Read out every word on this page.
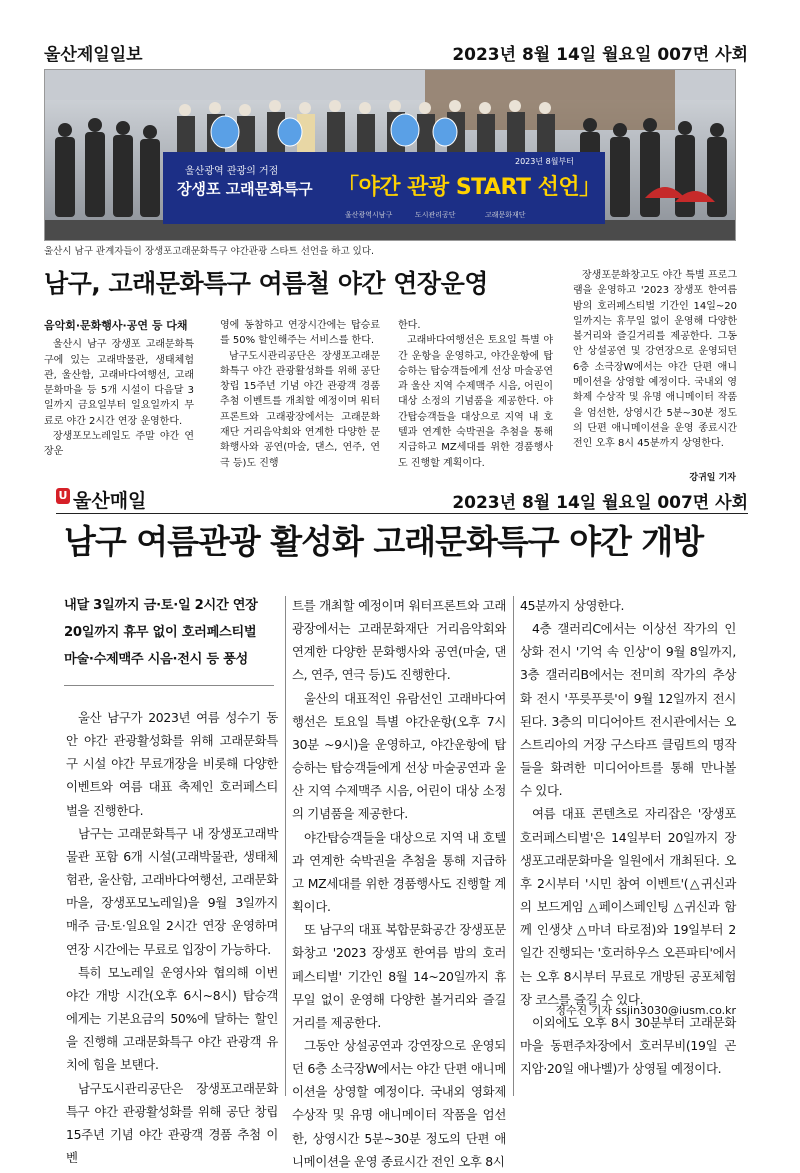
울산제일일보	2023년 8월 14일 월요일 007면 사회
울산광역 관광의 거점
장생포 고래문화특구 「야간 관광 START 선언」
2023년 8월부터
울산광역시남구	도시관리공단	고래문화재단
울산시 남구 관계자들이 장생포고래문화특구 야간관광 스타트 선언을 하고 있다.
남구, 고래문화특구 여름철 야간 연장운영

음악회·문화행사·공연 등 다채

울산시 남구 장생포 고래문화특구에 있는 고래박물관, 생태체험관, 울산함, 고래바다여행선, 고래문화마을 등 5개 시설이 다음달 3일까지 금요일부터 일요일까지 무료로 야간 2시간 연장 운영한다.

장생포모노레일도 주말 야간 연장운

영에 동참하고 연장시간에는 탑승료를 50% 할인해주는 서비스를 한다.

남구도시관리공단은 장생포고래문화특구 야간 관광활성화를 위해 공단 창립 15주년 기념 야간 관광객 경품 추첨 이벤트를 개최할 예정이며 워터프론트와 고래광장에서는 고래문화재단 거리음악회와 연계한 다양한 문화행사와 공연(마술, 댄스, 연주, 연극 등)도 진행

한다.

고래바다여행선은 토요일 특별 야간 운항을 운영하고, 야간운항에 탑승하는 탑승객들에게 선상 마술공연과 울산 지역 수제맥주 시음, 어린이 대상 소정의 기념품을 제공한다. 야간탑승객들을 대상으로 지역 내 호텔과 연계한 숙박권을 추첨을 통해 지급하고 MZ세대를 위한 경품행사도 진행할 계획이다.

장생포문화창고도 야간 특별 프로그램을 운영하고 '2023 장생포 한여름 밤의 호러페스티벌 기간인 14일~20일까지는 휴무일 없이 운영해 다양한 볼거리와 즐길거리를 제공한다. 그동안 상설공연 및 강연장으로 운영되던 6층 소극장W에서는 야간 단편 애니메이션을 상영할 예정이다. 국내외 영화제 수상작 및 유명 애니메이터 작품을 엄선한, 상영시간 5분~30분 정도의 단편 애니메이션을 운영 종료시간 전인 오후 8시 45분까지 상영한다.

강귀일 기자
U 울산매일	2023년 8월 14일 월요일 007면 사회
남구 여름관광 활성화 고래문화특구 야간 개방
내달 3일까지 금·토·일 2시간 연장
20일까지 휴무 없이 호러페스티벌
마술·수제맥주 시음·전시 등 풍성

울산 남구가 2023년 여름 성수기 동안 야간 관광활성화를 위해 고래문화특구 시설 야간 무료개장을 비롯해 다양한 이벤트와 여름 대표 축제인 호러페스티벌을 진행한다.

남구는 고래문화특구 내 장생포고래박물관 포함 6개 시설(고래박물관, 생태체험관, 울산함, 고래바다여행선, 고래문화마을, 장생포모노레일)을 9월 3일까지 매주 금·토·일요일 2시간 연장 운영하며 연장 시간에는 무료로 입장이 가능하다.

특히 모노레일 운영사와 협의해 이번 야간 개방 시간(오후 6시~8시) 탑승객에게는 기본요금의 50%에 달하는 할인을 진행해 고래문화특구 야간 관광객 유치에 힘을 보탠다.

남구도시관리공단은 장생포고래문화특구 야간 관광활성화를 위해 공단 창립 15주년 기념 야간 관광객 경품 추첨 이벤

트를 개최할 예정이며 워터프론트와 고래광장에서는 고래문화재단 거리음악회와 연계한 다양한 문화행사와 공연(마술, 댄스, 연주, 연극 등)도 진행한다.

울산의 대표적인 유람선인 고래바다여행선은 토요일 특별 야간운항(오후 7시 30분 ~9시)을 운영하고, 야간운항에 탑승하는 탑승객들에게 선상 마술공연과 울산 지역 수제맥주 시음, 어린이 대상 소정의 기념품을 제공한다.

야간탑승객들을 대상으로 지역 내 호텔과 연계한 숙박권을 추첨을 통해 지급하고 MZ세대를 위한 경품행사도 진행할 계획이다.

또 남구의 대표 복합문화공간 장생포문화창고 '2023 장생포 한여름 밤의 호러페스티벌' 기간인 8월 14~20일까지 휴무일 없이 운영해 다양한 볼거리와 즐길거리를 제공한다.

그동안 상설공연과 강연장으로 운영되던 6층 소극장W에서는 야간 단편 애니메이션을 상영할 예정이다. 국내외 영화제 수상작 및 유명 애니메이터 작품을 엄선한, 상영시간 5분~30분 정도의 단편 애니메이션을 운영 종료시간 전인 오후 8시

45분까지 상영한다.

4층 갤러리C에서는 이상선 작가의 인상화 전시 '기억 속 인상'이 9월 8일까지, 3층 갤러리B에서는 전미희 작가의 추상화 전시 '푸릇푸릇'이 9월 12일까지 전시된다. 3층의 미디어아트 전시관에서는 오스트리아의 거장 구스타프 클림트의 명작들을 화려한 미디어아트를 통해 만나볼 수 있다.

여름 대표 콘텐츠로 자리잡은 '장생포 호러페스티벌'은 14일부터 20일까지 장생포고래문화마을 일원에서 개최된다. 오후 2시부터 '시민 참여 이벤트'(△귀신과의 보드게임 △페이스페인팅 △귀신과 함께 인생샷 △마녀 타로점)와 19일부터 2일간 진행되는 '호러하우스 오픈파티'에서는 오후 8시부터 무료로 개방된 공포체험장 코스를 즐길 수 있다.

이외에도 오후 8시 30분부터 고래문화마을 동편주차장에서 호러무비(19일 곤지암·20일 애나벨)가 상영될 예정이다.

정수진 기자 ssjin3030@iusm.co.kr
